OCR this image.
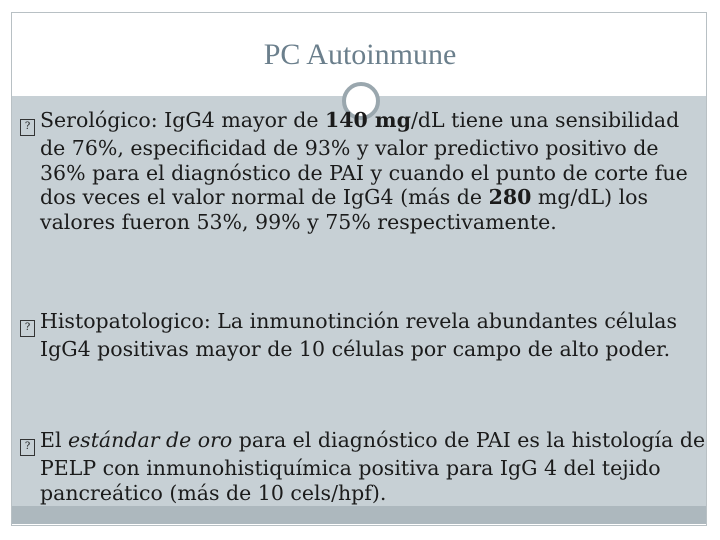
PC Autoinmune

? Serológico: IgG4 mayor de 140 mg/dL tiene una sensibilidad de 76%, especificidad de 93% y valor predictivo positivo de 36% para el diagnóstico de PAI y cuando el punto de corte fue dos veces el valor normal de IgG4 (más de 280 mg/dL) los valores fueron 53%, 99% y 75% respectivamente.

? Histopatologico: La inmunotinción revela abundantes células IgG4 positivas mayor de 10 células por campo de alto poder.

? El estándar de oro para el diagnóstico de PAI es la histología de PELP con inmunohistiquímica positiva para IgG 4 del tejido pancreático (más de 10 cels/hpf).
